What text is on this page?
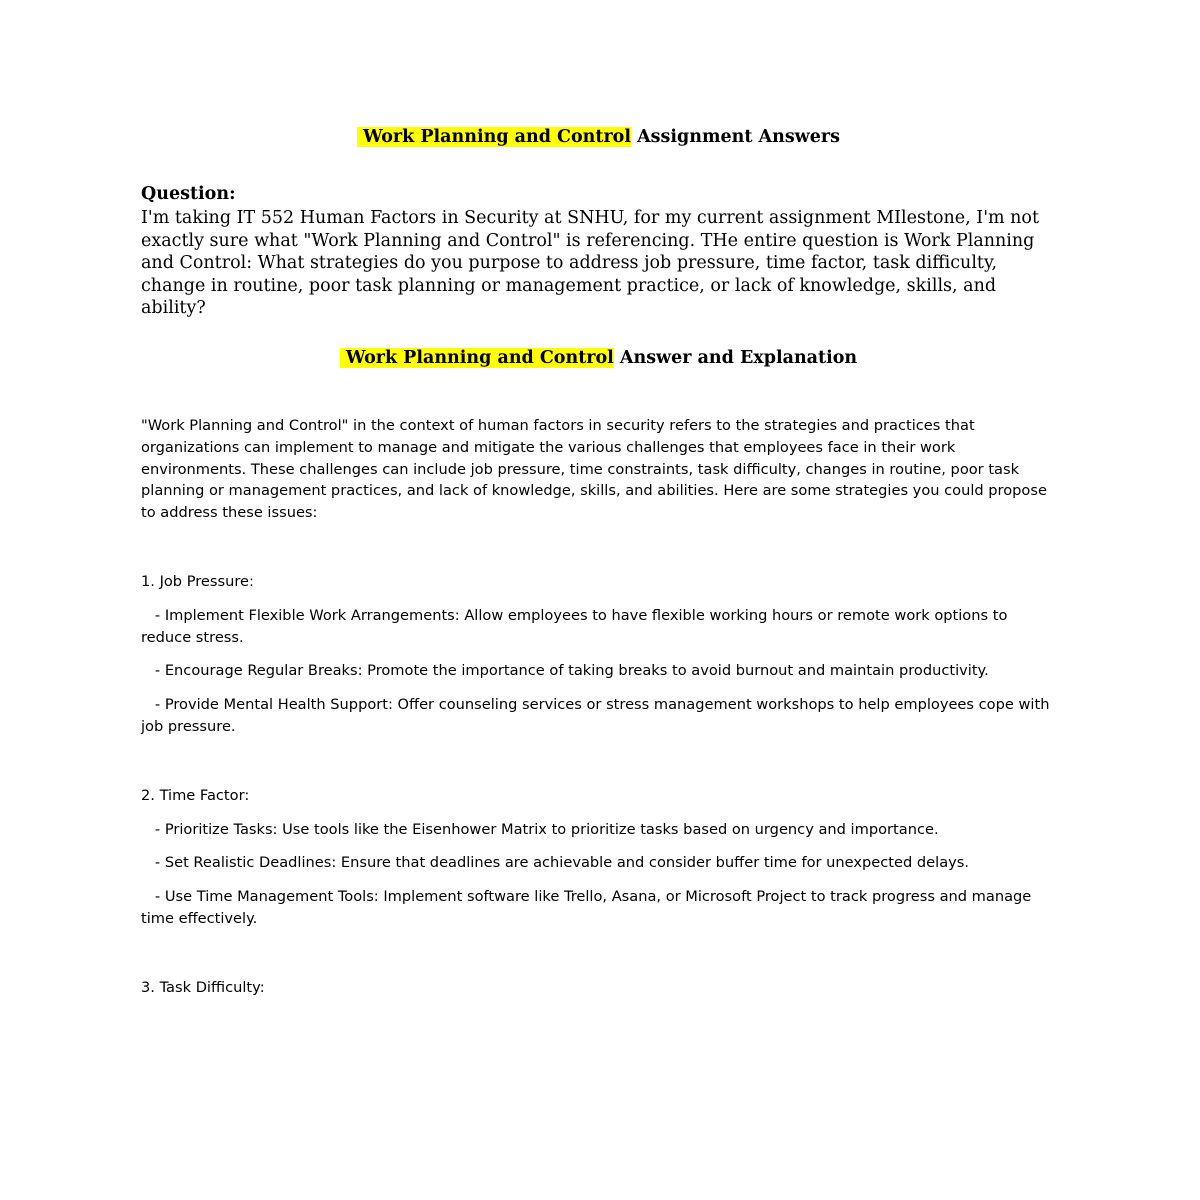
Work Planning and Control Assignment Answers

Question:

I'm taking IT 552 Human Factors in Security at SNHU, for my current assignment MIlestone, I'm not exactly sure what "Work Planning and Control" is referencing. THe entire question is Work Planning and Control: What strategies do you purpose to address job pressure, time factor, task difficulty, change in routine, poor task planning or management practice, or lack of knowledge, skills, and ability?

Work Planning and Control Answer and Explanation

"Work Planning and Control" in the context of human factors in security refers to the strategies and practices that organizations can implement to manage and mitigate the various challenges that employees face in their work environments. These challenges can include job pressure, time constraints, task difficulty, changes in routine, poor task planning or management practices, and lack of knowledge, skills, and abilities. Here are some strategies you could propose to address these issues:

1. Job Pressure:

- Implement Flexible Work Arrangements: Allow employees to have flexible working hours or remote work options to reduce stress.

- Encourage Regular Breaks: Promote the importance of taking breaks to avoid burnout and maintain productivity.

- Provide Mental Health Support: Offer counseling services or stress management workshops to help employees cope with job pressure.

2. Time Factor:

- Prioritize Tasks: Use tools like the Eisenhower Matrix to prioritize tasks based on urgency and importance.

- Set Realistic Deadlines: Ensure that deadlines are achievable and consider buffer time for unexpected delays.

- Use Time Management Tools: Implement software like Trello, Asana, or Microsoft Project to track progress and manage time effectively.

3. Task Difficulty:
